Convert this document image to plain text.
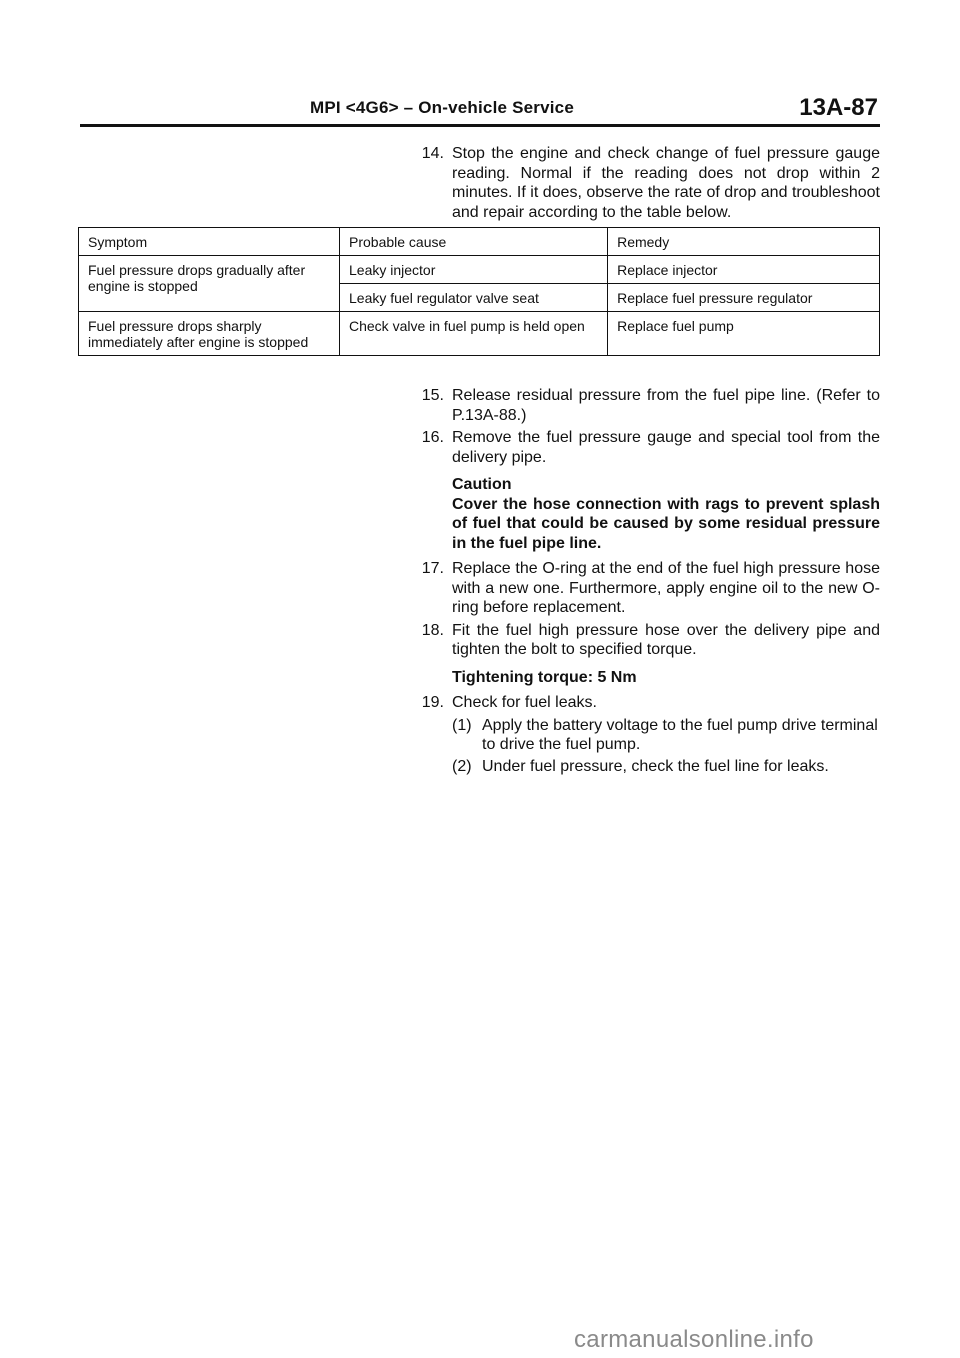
MPI <4G6> – On-vehicle Service	13A-87
14. Stop the engine and check change of fuel pressure gauge reading. Normal if the reading does not drop within 2 minutes. If it does, observe the rate of drop and troubleshoot and repair according to the table below.
Symptom	Probable cause	Remedy
Fuel pressure drops gradually after engine is stopped	Leaky injector	Replace injector
	Leaky fuel regulator valve seat	Replace fuel pressure regulator
Fuel pressure drops sharply immediately after engine is stopped	Check valve in fuel pump is held open	Replace fuel pump
15. Release residual pressure from the fuel pipe line. (Refer to P.13A-88.)
16. Remove the fuel pressure gauge and special tool from the delivery pipe.
Caution
Cover the hose connection with rags to prevent splash of fuel that could be caused by some residual pressure in the fuel pipe line.
17. Replace the O-ring at the end of the fuel high pressure hose with a new one. Furthermore, apply engine oil to the new O-ring before replacement.
18. Fit the fuel high pressure hose over the delivery pipe and tighten the bolt to specified torque.
Tightening torque: 5 Nm
19. Check for fuel leaks.
(1) Apply the battery voltage to the fuel pump drive terminal to drive the fuel pump.
(2) Under fuel pressure, check the fuel line for leaks.
carmanualsonline.info
